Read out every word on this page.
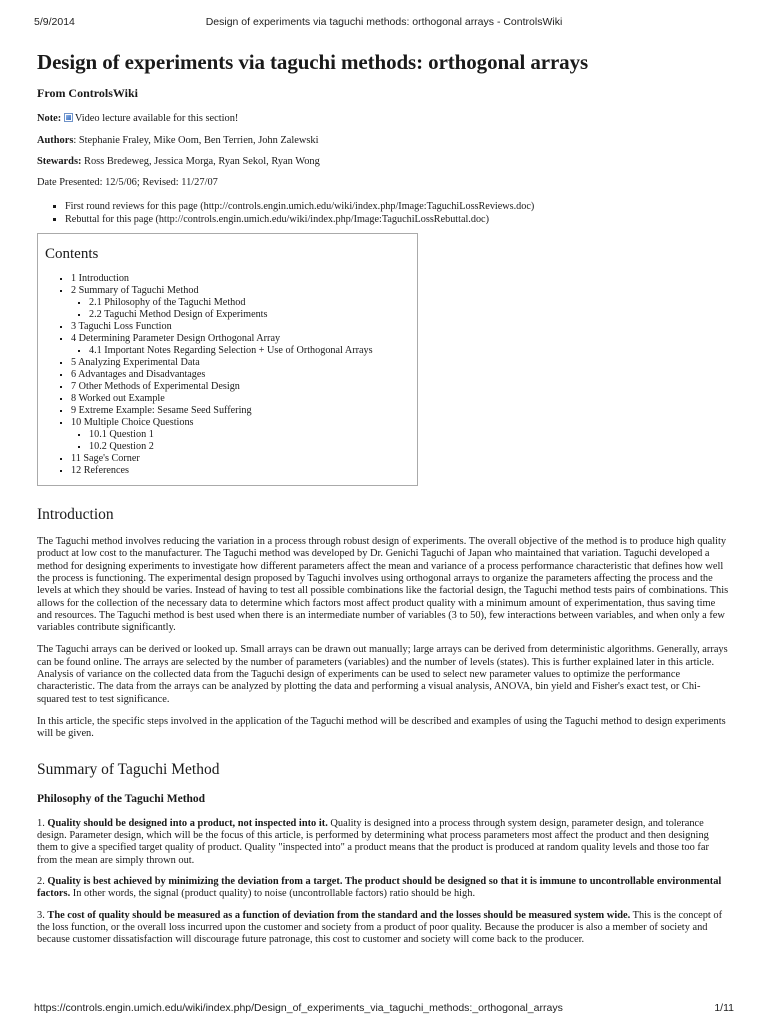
5/9/2014	Design of experiments via taguchi methods: orthogonal arrays - ControlsWiki
Design of experiments via taguchi methods: orthogonal arrays
From ControlsWiki

Note: Video lecture available for this section!

Authors: Stephanie Fraley, Mike Oom, Ben Terrien, John Zalewski

Stewards: Ross Bredeweg, Jessica Morga, Ryan Sekol, Ryan Wong

Date Presented: 12/5/06; Revised: 11/27/07

▪ First round reviews for this page (http://controls.engin.umich.edu/wiki/index.php/Image:TaguchiLossReviews.doc)
▪ Rebuttal for this page (http://controls.engin.umich.edu/wiki/index.php/Image:TaguchiLossRebuttal.doc)
Contents
▪ 1 Introduction
▪ 2 Summary of Taguchi Method
▪ 2.1 Philosophy of the Taguchi Method
▪ 2.2 Taguchi Method Design of Experiments
▪ 3 Taguchi Loss Function
▪ 4 Determining Parameter Design Orthogonal Array
▪ 4.1 Important Notes Regarding Selection + Use of Orthogonal Arrays
▪ 5 Analyzing Experimental Data
▪ 6 Advantages and Disadvantages
▪ 7 Other Methods of Experimental Design
▪ 8 Worked out Example
▪ 9 Extreme Example: Sesame Seed Suffering
▪ 10 Multiple Choice Questions
▪ 10.1 Question 1
▪ 10.2 Question 2
▪ 11 Sage's Corner
▪ 12 References
Introduction

The Taguchi method involves reducing the variation in a process through robust design of experiments. The overall objective of the method is to produce high quality product at low cost to the manufacturer. The Taguchi method was developed by Dr. Genichi Taguchi of Japan who maintained that variation. Taguchi developed a method for designing experiments to investigate how different parameters affect the mean and variance of a process performance characteristic that defines how well the process is functioning. The experimental design proposed by Taguchi involves using orthogonal arrays to organize the parameters affecting the process and the levels at which they should be varies. Instead of having to test all possible combinations like the factorial design, the Taguchi method tests pairs of combinations. This allows for the collection of the necessary data to determine which factors most affect product quality with a minimum amount of experimentation, thus saving time and resources. The Taguchi method is best used when there is an intermediate number of variables (3 to 50), few interactions between variables, and when only a few variables contribute significantly.

The Taguchi arrays can be derived or looked up. Small arrays can be drawn out manually; large arrays can be derived from deterministic algorithms. Generally, arrays can be found online. The arrays are selected by the number of parameters (variables) and the number of levels (states). This is further explained later in this article. Analysis of variance on the collected data from the Taguchi design of experiments can be used to select new parameter values to optimize the performance characteristic. The data from the arrays can be analyzed by plotting the data and performing a visual analysis, ANOVA, bin yield and Fisher's exact test, or Chi-squared test to test significance.

In this article, the specific steps involved in the application of the Taguchi method will be described and examples of using the Taguchi method to design experiments will be given.

Summary of Taguchi Method
Philosophy of the Taguchi Method

1. Quality should be designed into a product, not inspected into it. Quality is designed into a process through system design, parameter design, and tolerance design. Parameter design, which will be the focus of this article, is performed by determining what process parameters most affect the product and then designing them to give a specified target quality of product. Quality "inspected into" a product means that the product is produced at random quality levels and those too far from the mean are simply thrown out.

2. Quality is best achieved by minimizing the deviation from a target. The product should be designed so that it is immune to uncontrollable environmental factors. In other words, the signal (product quality) to noise (uncontrollable factors) ratio should be high.

3. The cost of quality should be measured as a function of deviation from the standard and the losses should be measured system wide. This is the concept of the loss function, or the overall loss incurred upon the customer and society from a product of poor quality. Because the producer is also a member of society and because customer dissatisfaction will discourage future patronage, this cost to customer and society will come back to the producer.

https://controls.engin.umich.edu/wiki/index.php/Design_of_experiments_via_taguchi_methods:_orthogonal_arrays	1/11
